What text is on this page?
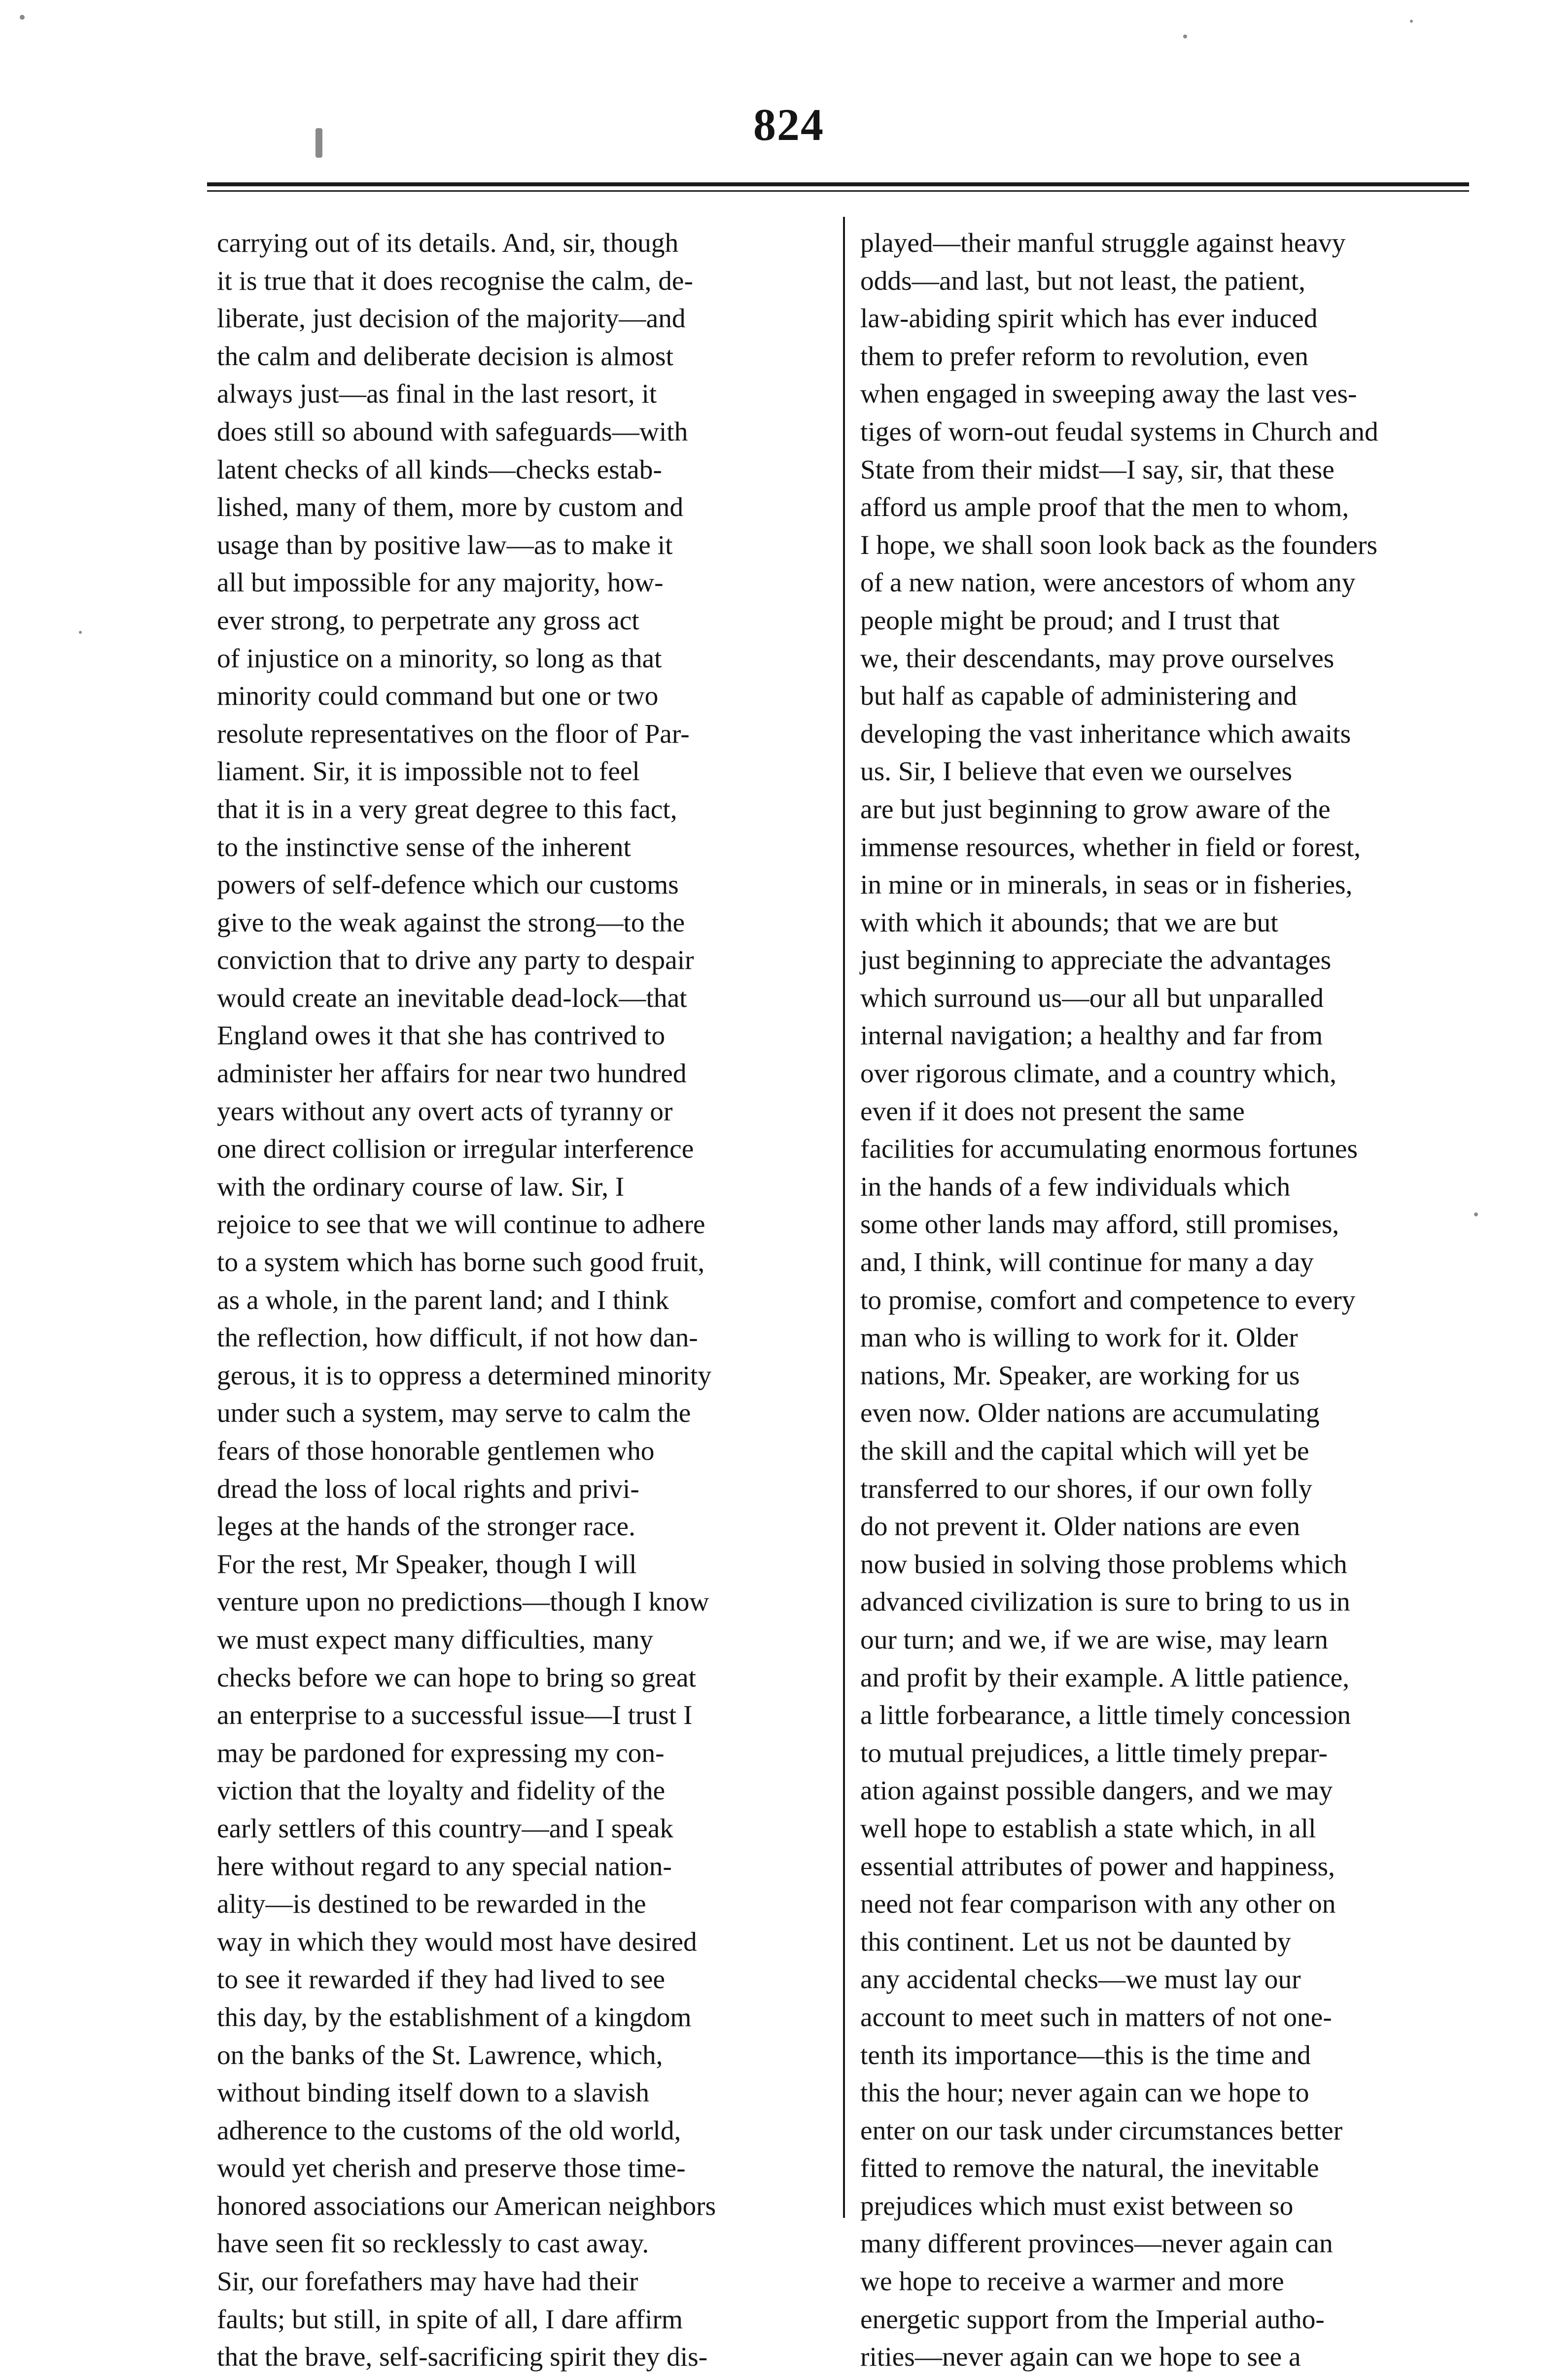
824
carrying out of its details. And, sir, though
it is true that it does recognise the calm, de-
liberate, just decision of the majority—and
the calm and deliberate decision is almost
always just—as final in the last resort, it
does still so abound with safeguards—with
latent checks of all kinds—checks estab-
lished, many of them, more by custom and
usage than by positive law—as to make it
all but impossible for any majority, how-
ever strong, to perpetrate any gross act
of injustice on a minority, so long as that
minority could command but one or two
resolute representatives on the floor of Par-
liament. Sir, it is impossible not to feel
that it is in a very great degree to this fact,
to the instinctive sense of the inherent
powers of self-defence which our customs
give to the weak against the strong—to the
conviction that to drive any party to despair
would create an inevitable dead-lock—that
England owes it that she has contrived to
administer her affairs for near two hundred
years without any overt acts of tyranny or
one direct collision or irregular interference
with the ordinary course of law. Sir, I
rejoice to see that we will continue to adhere
to a system which has borne such good fruit,
as a whole, in the parent land; and I think
the reflection, how difficult, if not how dan-
gerous, it is to oppress a determined minority
under such a system, may serve to calm the
fears of those honorable gentlemen who
dread the loss of local rights and privi-
leges at the hands of the stronger race.
For the rest, Mr Speaker, though I will
venture upon no predictions—though I know
we must expect many difficulties, many
checks before we can hope to bring so great
an enterprise to a successful issue—I trust I
may be pardoned for expressing my con-
viction that the loyalty and fidelity of the
early settlers of this country—and I speak
here without regard to any special nation-
ality—is destined to be rewarded in the
way in which they would most have desired
to see it rewarded if they had lived to see
this day, by the establishment of a kingdom
on the banks of the St. Lawrence, which,
without binding itself down to a slavish
adherence to the customs of the old world,
would yet cherish and preserve those time-
honored associations our American neighbors
have seen fit so recklessly to cast away.
Sir, our forefathers may have had their
faults; but still, in spite of all, I dare affirm
that the brave, self-sacrificing spirit they dis-
played—their manful struggle against heavy
odds—and last, but not least, the patient,
law-abiding spirit which has ever induced
them to prefer reform to revolution, even
when engaged in sweeping away the last ves-
tiges of worn-out feudal systems in Church and
State from their midst—I say, sir, that these
afford us ample proof that the men to whom,
I hope, we shall soon look back as the founders
of a new nation, were ancestors of whom any
people might be proud; and I trust that
we, their descendants, may prove ourselves
but half as capable of administering and
developing the vast inheritance which awaits
us. Sir, I believe that even we ourselves
are but just beginning to grow aware of the
immense resources, whether in field or forest,
in mine or in minerals, in seas or in fisheries,
with which it abounds; that we are but
just beginning to appreciate the advantages
which surround us—our all but unparalled
internal navigation; a healthy and far from
over rigorous climate, and a country which,
even if it does not present the same
facilities for accumulating enormous fortunes
in the hands of a few individuals which
some other lands may afford, still promises,
and, I think, will continue for many a day
to promise, comfort and competence to every
man who is willing to work for it. Older
nations, Mr. Speaker, are working for us
even now. Older nations are accumulating
the skill and the capital which will yet be
transferred to our shores, if our own folly
do not prevent it. Older nations are even
now busied in solving those problems which
advanced civilization is sure to bring to us in
our turn; and we, if we are wise, may learn
and profit by their example. A little patience,
a little forbearance, a little timely concession
to mutual prejudices, a little timely prepar-
ation against possible dangers, and we may
well hope to establish a state which, in all
essential attributes of power and happiness,
need not fear comparison with any other on
this continent. Let us not be daunted by
any accidental checks—we must lay our
account to meet such in matters of not one-
tenth its importance—this is the time and
this the hour; never again can we hope to
enter on our task under circumstances better
fitted to remove the natural, the inevitable
prejudices which must exist between so
many different provinces—never again can
we hope to receive a warmer and more
energetic support from the Imperial autho-
rities—never again can we hope to see a
